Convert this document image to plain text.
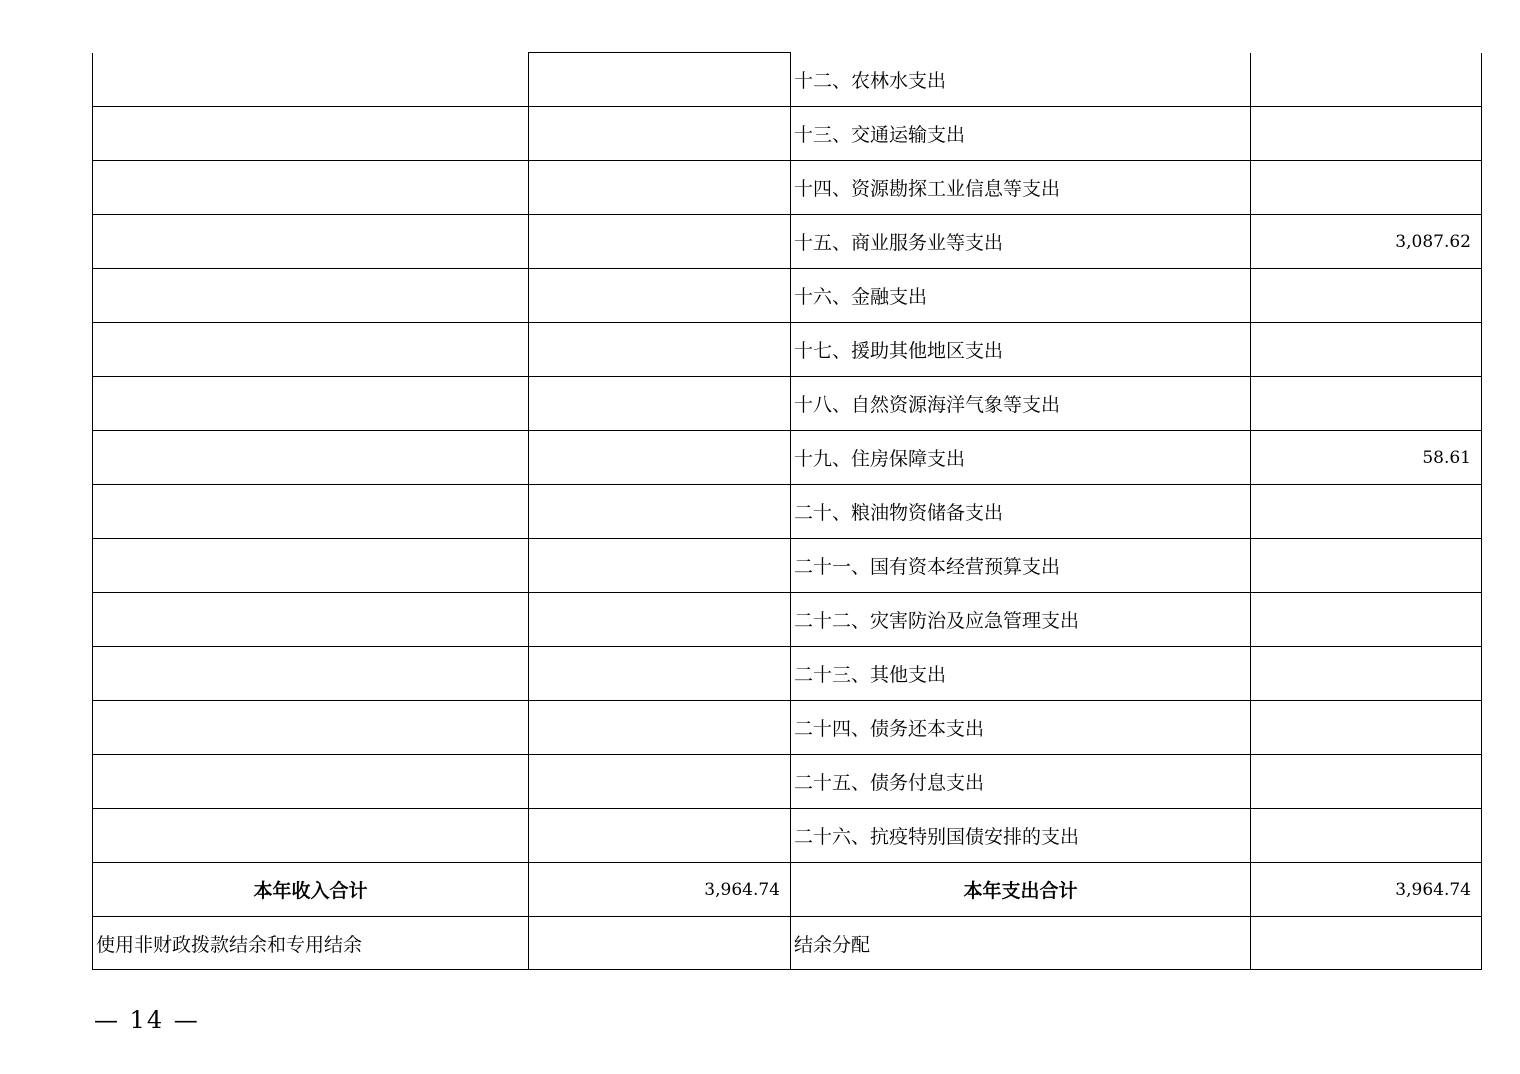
		十二、农林水支出	
		十三、交通运输支出	
		十四、资源勘探工业信息等支出	
		十五、商业服务业等支出	3,087.62
		十六、金融支出	
		十七、援助其他地区支出	
		十八、自然资源海洋气象等支出	
		十九、住房保障支出	58.61
		二十、粮油物资储备支出	
		二十一、国有资本经营预算支出	
		二十二、灾害防治及应急管理支出	
		二十三、其他支出	
		二十四、债务还本支出	
		二十五、债务付息支出	
		二十六、抗疫特别国债安排的支出	
本年收入合计	3,964.74	本年支出合计	3,964.74
使用非财政拨款结余和专用结余		结余分配	
— 14 —
